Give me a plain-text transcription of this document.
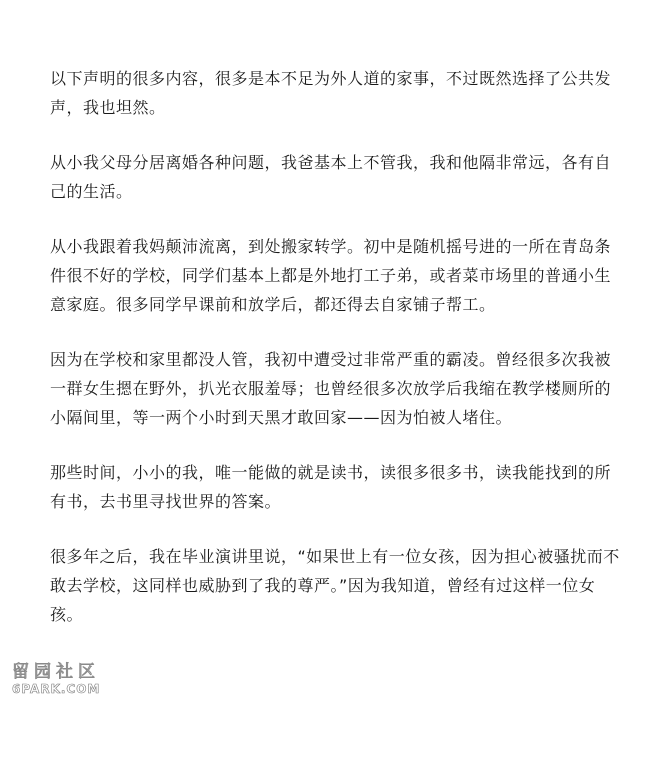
以下声明的很多内容，很多是本不足为外人道的家事，不过既然选择了公共发
声，我也坦然。

从小我父母分居离婚各种问题，我爸基本上不管我，我和他隔非常远，各有自
己的生活。

从小我跟着我妈颠沛流离，到处搬家转学。初中是随机摇号进的一所在青岛条
件很不好的学校，同学们基本上都是外地打工子弟，或者菜市场里的普通小生
意家庭。很多同学早课前和放学后，都还得去自家铺子帮工。

因为在学校和家里都没人管，我初中遭受过非常严重的霸凌。曾经很多次我被
一群女生摁在野外，扒光衣服羞辱；也曾经很多次放学后我缩在教学楼厕所的
小隔间里，等一两个小时到天黑才敢回家——因为怕被人堵住。

那些时间，小小的我，唯一能做的就是读书，读很多很多书，读我能找到的所
有书，去书里寻找世界的答案。

很多年之后，我在毕业演讲里说，“如果世上有一位女孩，因为担心被骚扰而不
敢去学校，这同样也威胁到了我的尊严。”因为我知道，曾经有过这样一位女
孩。

留园社区
6PARK.COM
